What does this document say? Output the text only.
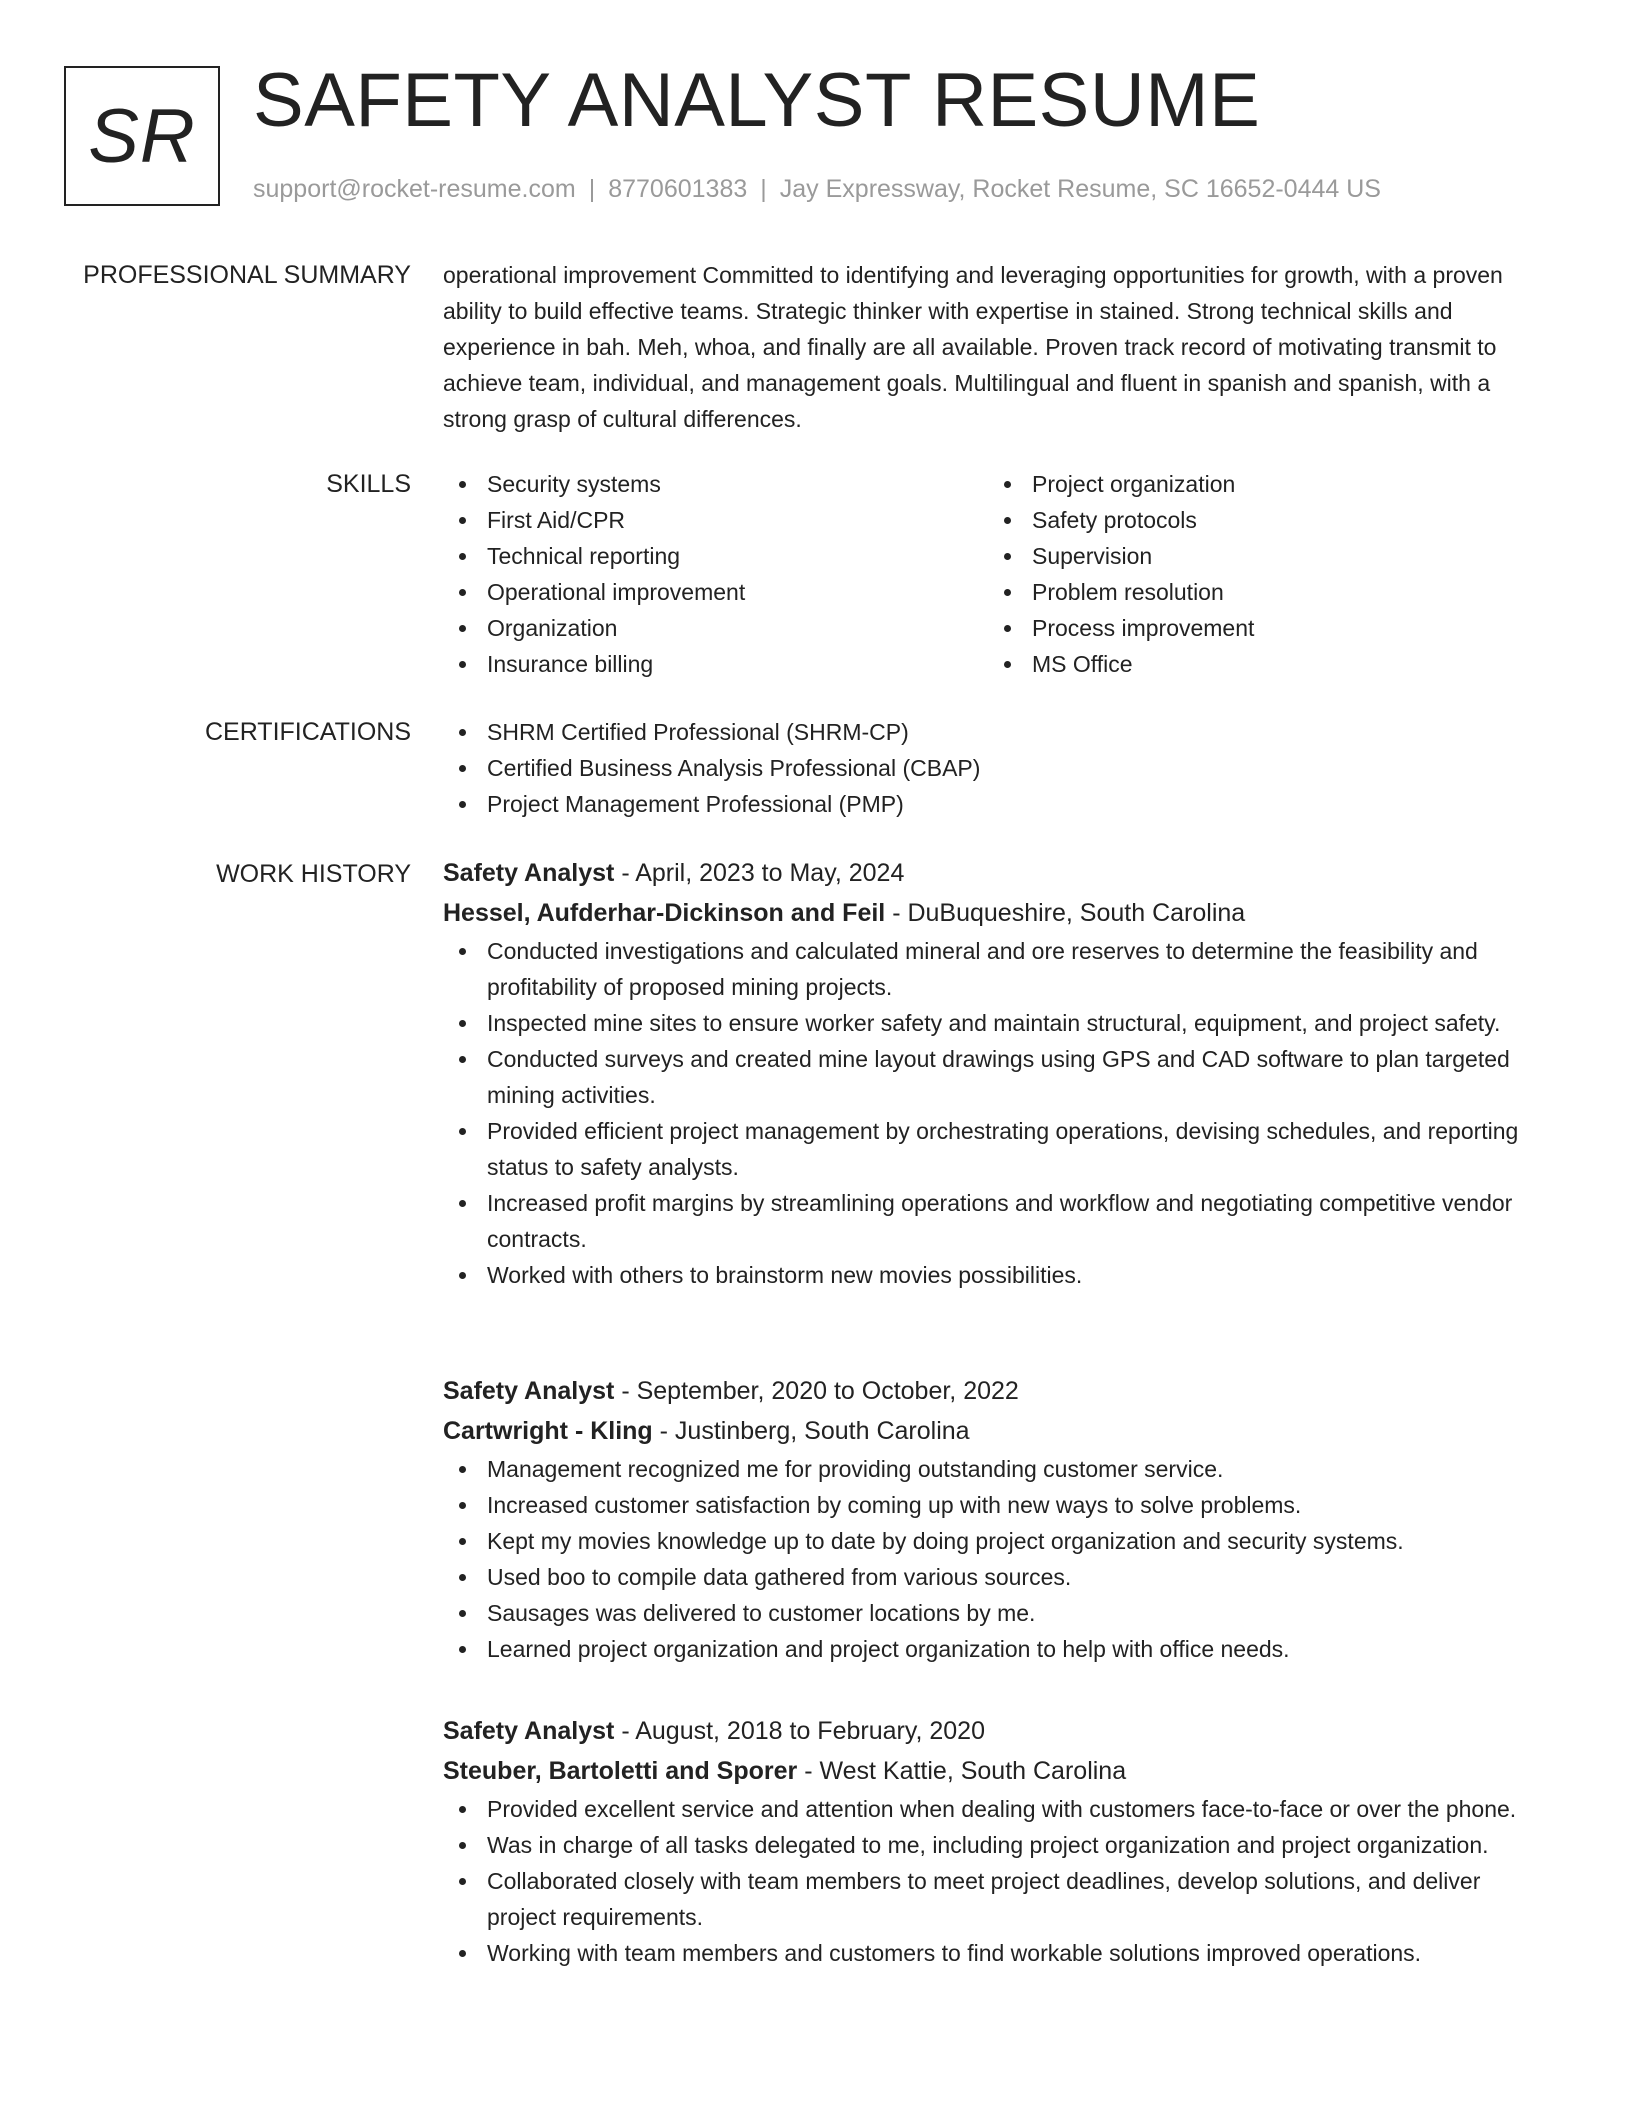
SR SAFETY ANALYST RESUME
support@rocket-resume.com | 8770601383 | Jay Expressway, Rocket Resume, SC 16652-0444 US
PROFESSIONAL SUMMARY operational improvement Committed to identifying and leveraging opportunities for growth, with a proven ability to build effective teams. Strategic thinker with expertise in stained. Strong technical skills and experience in bah. Meh, whoa, and finally are all available. Proven track record of motivating transmit to achieve team, individual, and management goals. Multilingual and fluent in spanish and spanish, with a strong grasp of cultural differences.

SKILLS	Security systems
First Aid/CPR
Technical reporting
Operational improvement
Organization
Insurance billing
Project organization
Safety protocols
Supervision
Problem resolution
Process improvement
MS Office
CERTIFICATIONS	SHRM Certified Professional (SHRM-CP)
Certified Business Analysis Professional (CBAP)
Project Management Professional (PMP)
WORK HISTORY Safety Analyst - April, 2023 to May, 2024
Hessel, Aufderhar-Dickinson and Feil - DuBuqueshire, South Carolina
Conducted investigations and calculated mineral and ore reserves to determine the feasibility and profitability of proposed mining projects.
Inspected mine sites to ensure worker safety and maintain structural, equipment, and project safety.
Conducted surveys and created mine layout drawings using GPS and CAD software to plan targeted mining activities.
Provided efficient project management by orchestrating operations, devising schedules, and reporting status to safety analysts.
Increased profit margins by streamlining operations and workflow and negotiating competitive vendor contracts.
Worked with others to brainstorm new movies possibilities.
Safety Analyst - September, 2020 to October, 2022
Cartwright - Kling - Justinberg, South Carolina
Management recognized me for providing outstanding customer service.
Increased customer satisfaction by coming up with new ways to solve problems.
Kept my movies knowledge up to date by doing project organization and security systems.
Used boo to compile data gathered from various sources.
Sausages was delivered to customer locations by me.
Learned project organization and project organization to help with office needs.
Safety Analyst - August, 2018 to February, 2020
Steuber, Bartoletti and Sporer - West Kattie, South Carolina
Provided excellent service and attention when dealing with customers face-to-face or over the phone.
Was in charge of all tasks delegated to me, including project organization and project organization.
Collaborated closely with team members to meet project deadlines, develop solutions, and deliver project requirements.
Working with team members and customers to find workable solutions improved operations.
